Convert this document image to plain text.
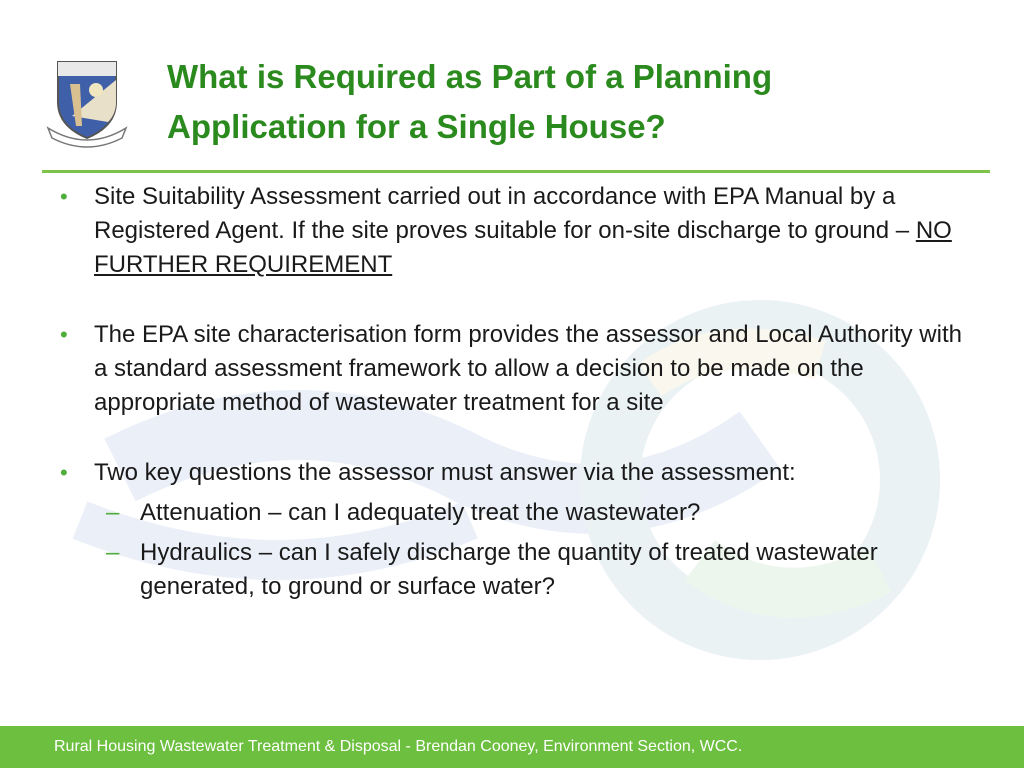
What is Required as Part of a Planning Application for a Single House?
• Site Suitability Assessment carried out in accordance with EPA Manual by a Registered Agent. If the site proves suitable for on-site discharge to ground – NO FURTHER REQUIREMENT
• The EPA site characterisation form provides the assessor and Local Authority with a standard assessment framework to allow a decision to be made on the appropriate method of wastewater treatment for a site
• Two key questions the assessor must answer via the assessment:
– Attenuation – can I adequately treat the wastewater?
– Hydraulics – can I safely discharge the quantity of treated wastewater generated, to ground or surface water?
Rural Housing Wastewater Treatment & Disposal - Brendan Cooney, Environment Section, WCC.
